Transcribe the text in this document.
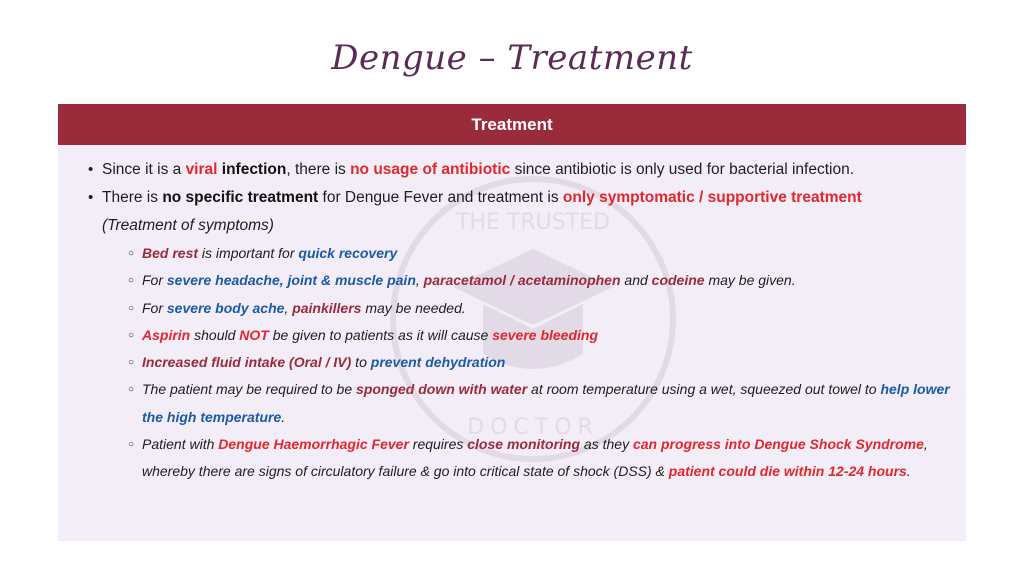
Dengue – Treatment
Treatment
THE TRUSTED
DOCTOR
• Since it is a viral infection, there is no usage of antibiotic since antibiotic is only used for bacterial infection.
• There is no specific treatment for Dengue Fever and treatment is only symptomatic / supportive treatment
(Treatment of symptoms)
○ Bed rest is important for quick recovery
○ For severe headache, joint & muscle pain, paracetamol / acetaminophen and codeine may be given.
○ For severe body ache, painkillers may be needed.
○ Aspirin should NOT be given to patients as it will cause severe bleeding
○ Increased fluid intake (Oral / IV) to prevent dehydration
○ The patient may be required to be sponged down with water at room temperature using a wet, squeezed out towel to help lower the high temperature.
○ Patient with Dengue Haemorrhagic Fever requires close monitoring as they can progress into Dengue Shock Syndrome, whereby there are signs of circulatory failure & go into critical state of shock (DSS) & patient could die within 12-24 hours.
